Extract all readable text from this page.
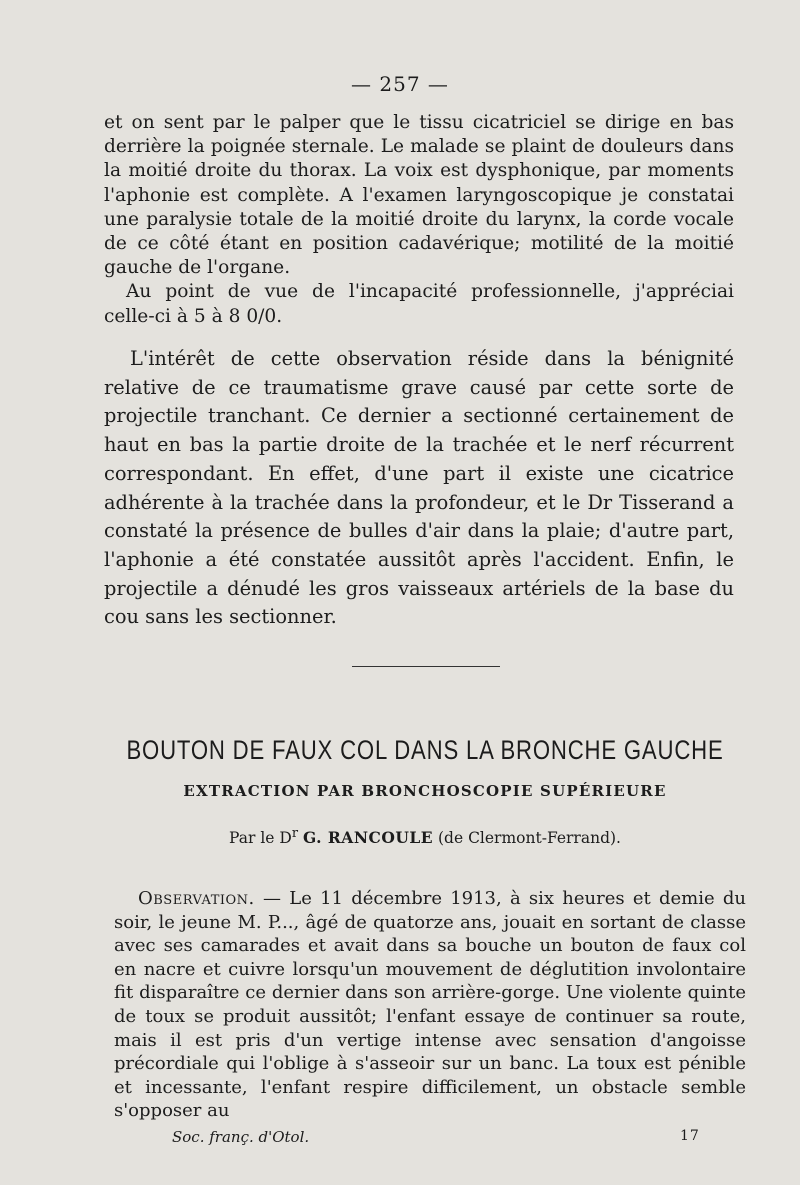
— 257 —

et on sent par le palper que le tissu cicatriciel se dirige en bas derrière la poignée sternale. Le malade se plaint de douleurs dans la moitié droite du thorax. La voix est dysphonique, par moments l'aphonie est complète. A l'examen laryngoscopique je constatai une paralysie totale de la moitié droite du larynx, la corde vocale de ce côté étant en position cadavérique; motilité de la moitié gauche de l'organe.

Au point de vue de l'incapacité professionnelle, j'appréciai celle-ci à 5 à 8 0/0.

L'intérêt de cette observation réside dans la bénignité relative de ce traumatisme grave causé par cette sorte de projectile tranchant. Ce dernier a sectionné certainement de haut en bas la partie droite de la trachée et le nerf récurrent correspondant. En effet, d'une part il existe une cicatrice adhérente à la trachée dans la profondeur, et le Dr Tisserand a constaté la présence de bulles d'air dans la plaie; d'autre part, l'aphonie a été constatée aussitôt après l'accident. Enfin, le projectile a dénudé les gros vaisseaux artériels de la base du cou sans les sectionner.

BOUTON DE FAUX COL DANS LA BRONCHE GAUCHE
EXTRACTION PAR BRONCHOSCOPIE SUPÉRIEURE
Par le $D^r$ G. RANCOULE (de Clermont-Ferrand).

Observation. — Le 11 décembre 1913, à six heures et demie du soir, le jeune M. P..., âgé de quatorze ans, jouait en sortant de classe avec ses camarades et avait dans sa bouche un bouton de faux col en nacre et cuivre lorsqu'un mouvement de déglutition involontaire fit disparaître ce dernier dans son arrière-gorge. Une violente quinte de toux se produit aussitôt; l'enfant essaye de continuer sa route, mais il est pris d'un vertige intense avec sensation d'angoisse précordiale qui l'oblige à s'asseoir sur un banc. La toux est pénible et incessante, l'enfant respire difficilement, un obstacle semble s'opposer au

Soc. franç. d'Otol.	17
